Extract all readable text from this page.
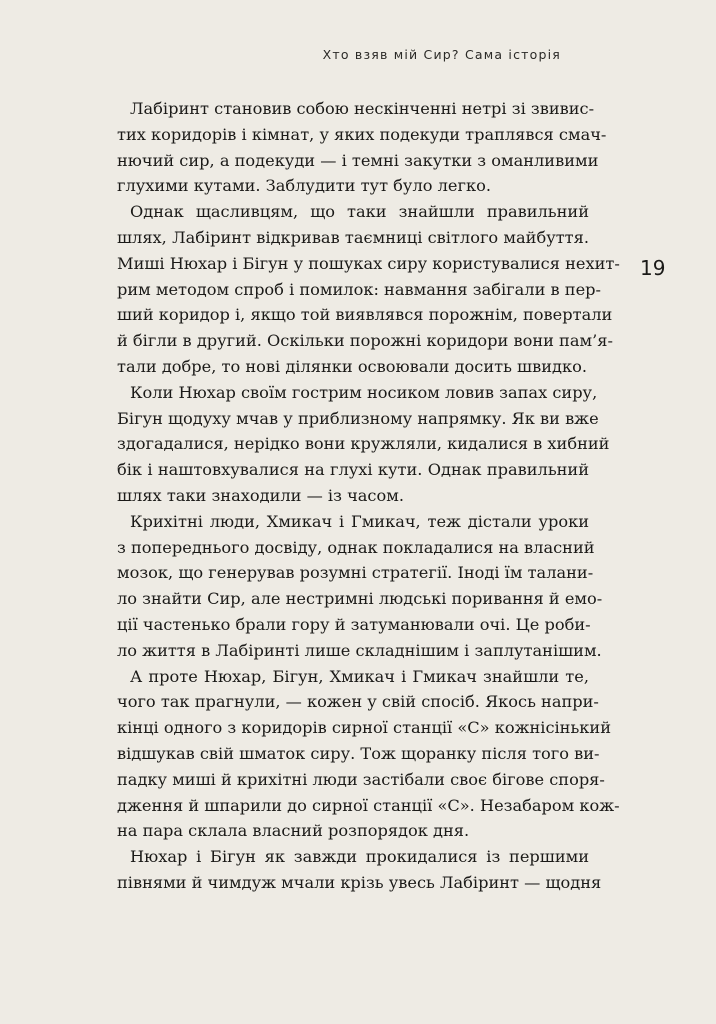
Хто взяв мій Сир? Сама історія
19
Лабіринт становив собою нескінченні нетрі зі звивис-
тих коридорів і кімнат, у яких подекуди траплявся смач-
нючий сир, а подекуди — і темні закутки з оманливими
глухими кутами. Заблудити тут було легко.
Однак щасливцям, що таки знайшли правильний
шлях, Лабіринт відкривав таємниці світлого майбуття.
Миші Нюхар і Бігун у пошуках сиру користувалися нехит-
рим методом спроб і помилок: навмання забігали в пер-
ший коридор і, якщо той виявлявся порожнім, повертали
й бігли в другий. Оскільки порожні коридори вони пам’я-
тали добре, то нові ділянки освоювали досить швидко.
Коли Нюхар своїм гострим носиком ловив запах сиру,
Бігун щодуху мчав у приблизному напрямку. Як ви вже
здогадалися, нерідко вони кружляли, кидалися в хибний
бік і наштовхувалися на глухі кути. Однак правильний
шлях таки знаходили — із часом.
Крихітні люди, Хмикач і Гмикач, теж дістали уроки
з попереднього досвіду, однак покладалися на власний
мозок, що генерував розумні стратегії. Іноді їм талани-
ло знайти Сир, але нестримні людські поривання й емо-
ції частенько брали гору й затуманювали очі. Це роби-
ло життя в Лабіринті лише складнішим і заплутанішим.
А проте Нюхар, Бігун, Хмикач і Гмикач знайшли те,
чого так прагнули, — кожен у свій спосіб. Якось напри-
кінці одного з коридорів сирної станції «С» кожнісінький
відшукав свій шматок сиру. Тож щоранку після того ви-
падку миші й крихітні люди застібали своє бігове споря-
дження й шпарили до сирної станції «С». Незабаром кож-
на пара склала власний розпорядок дня.
Нюхар і Бігун як завжди прокидалися із першими
півнями й чимдуж мчали крізь увесь Лабіринт — щодня
